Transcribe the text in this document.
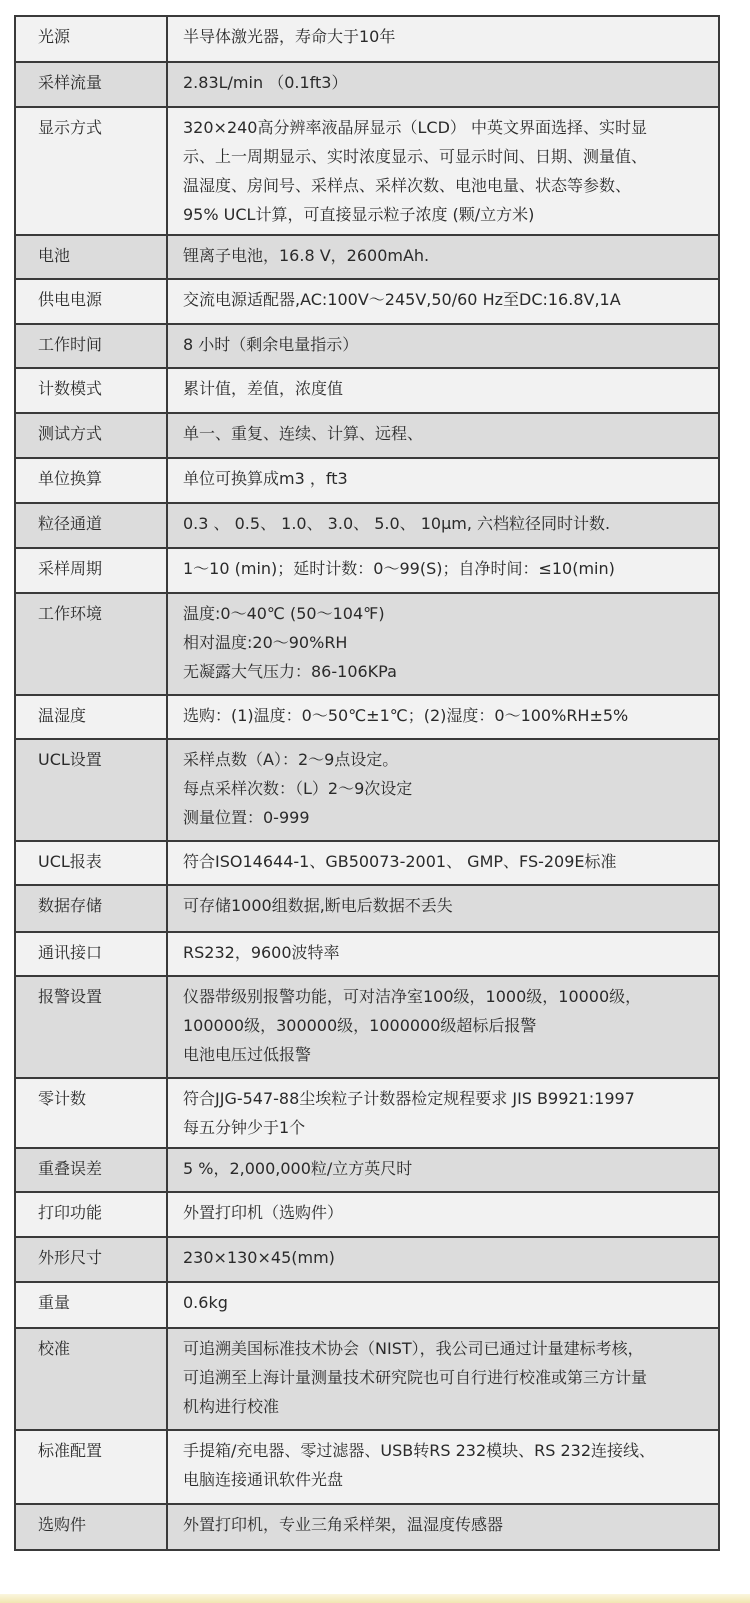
光源	半导体激光器，寿命大于10年

采样流量	2.83L/min （0.1ft3）

显示方式	320×240高分辨率液晶屏显示（LCD） 中英文界面选择、实时显
示、上一周期显示、实时浓度显示、可显示时间、日期、测量值、
温湿度、房间号、采样点、采样次数、电池电量、状态等参数、
95% UCL计算，可直接显示粒子浓度 (颗/立方米)

电池	锂离子电池，16.8 V，2600mAh.

供电电源	交流电源适配器,AC:100V～245V,50/60 Hz至DC:16.8V,1A

工作时间	8 小时（剩余电量指示）

计数模式	累计值，差值，浓度值

测试方式	单一、重复、连续、计算、远程、

单位换算	单位可换算成m3 ，ft3

粒径通道	0.3 、 0.5、 1.0、 3.0、 5.0、 10μm, 六档粒径同时计数.

采样周期	1～10 (min)；延时计数：0～99(S)；自净时间：≤10(min)

工作环境	温度:0～40℃ (50～104℉)
相对温度:20～90%RH
无凝露大气压力：86-106KPa

温湿度	选购：(1)温度：0～50℃±1℃；(2)湿度：0～100%RH±5%

UCL设置	采样点数（A）：2～9点设定。
每点采样次数：（L）2～9次设定
测量位置：0-999

UCL报表	符合ISO14644-1、GB50073-2001、 GMP、FS-209E标准

数据存储	可存储1000组数据,断电后数据不丢失

通讯接口	RS232，9600波特率

报警设置	仪器带级别报警功能，可对洁净室100级，1000级，10000级，
100000级，300000级，1000000级超标后报警
电池电压过低报警

零计数	符合JJG-547-88尘埃粒子计数器检定规程要求 JIS B9921:1997
每五分钟少于1个

重叠误差	5 %，2,000,000粒/立方英尺时

打印功能	外置打印机（选购件）

外形尺寸	230×130×45(mm)

重量	0.6kg

校准	可追溯美国标准技术协会（NIST），我公司已通过计量建标考核，
可追溯至上海计量测量技术研究院也可自行进行校准或第三方计量
机构进行校准

标准配置	手提箱/充电器、零过滤器、USB转RS 232模块、RS 232连接线、
电脑连接通讯软件光盘

选购件	外置打印机，专业三角采样架，温湿度传感器
